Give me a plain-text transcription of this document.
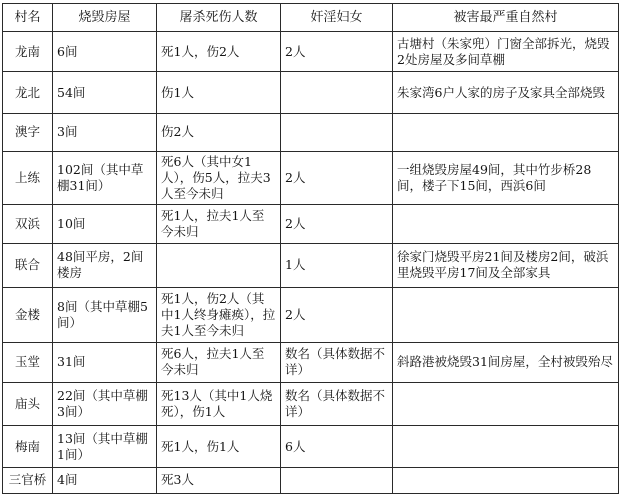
村名	烧毁房屋	屠杀死伤人数	奸淫妇女	被害最严重自然村
龙南	6间	死1人，伤2人	2人	古塘村（朱家兜）门窗全部拆光，烧毁2处房屋及多间草棚
龙北	54间	伤1人		朱家湾6户人家的房子及家具全部烧毁
澳字	3间	伤2人		
上练	102间（其中草棚31间）	死6人（其中女1人），伤5人，拉夫3人至今未归	2人	一组烧毁房屋49间，其中竹步桥28间，楼子下15间，西浜6间
双浜	10间	死1人，拉夫1人至今未归	2人	
联合	48间平房，2间楼房		1人	徐家门烧毁平房21间及楼房2间，破浜里烧毁平房17间及全部家具
金楼	8间（其中草棚5间）	死1人，伤2人（其中1人终身瘫痪），拉夫1人至今未归	2人	
玉堂	31间	死6人，拉夫1人至今未归	数名（具体数据不详）	斜路港被烧毁31间房屋，全村被毁殆尽
庙头	22间（其中草棚3间）	死13人（其中1人烧死），伤1人	数名（具体数据不详）	
梅南	13间（其中草棚1间）	死1人，伤1人	6人	
三官桥	4间	死3人		
